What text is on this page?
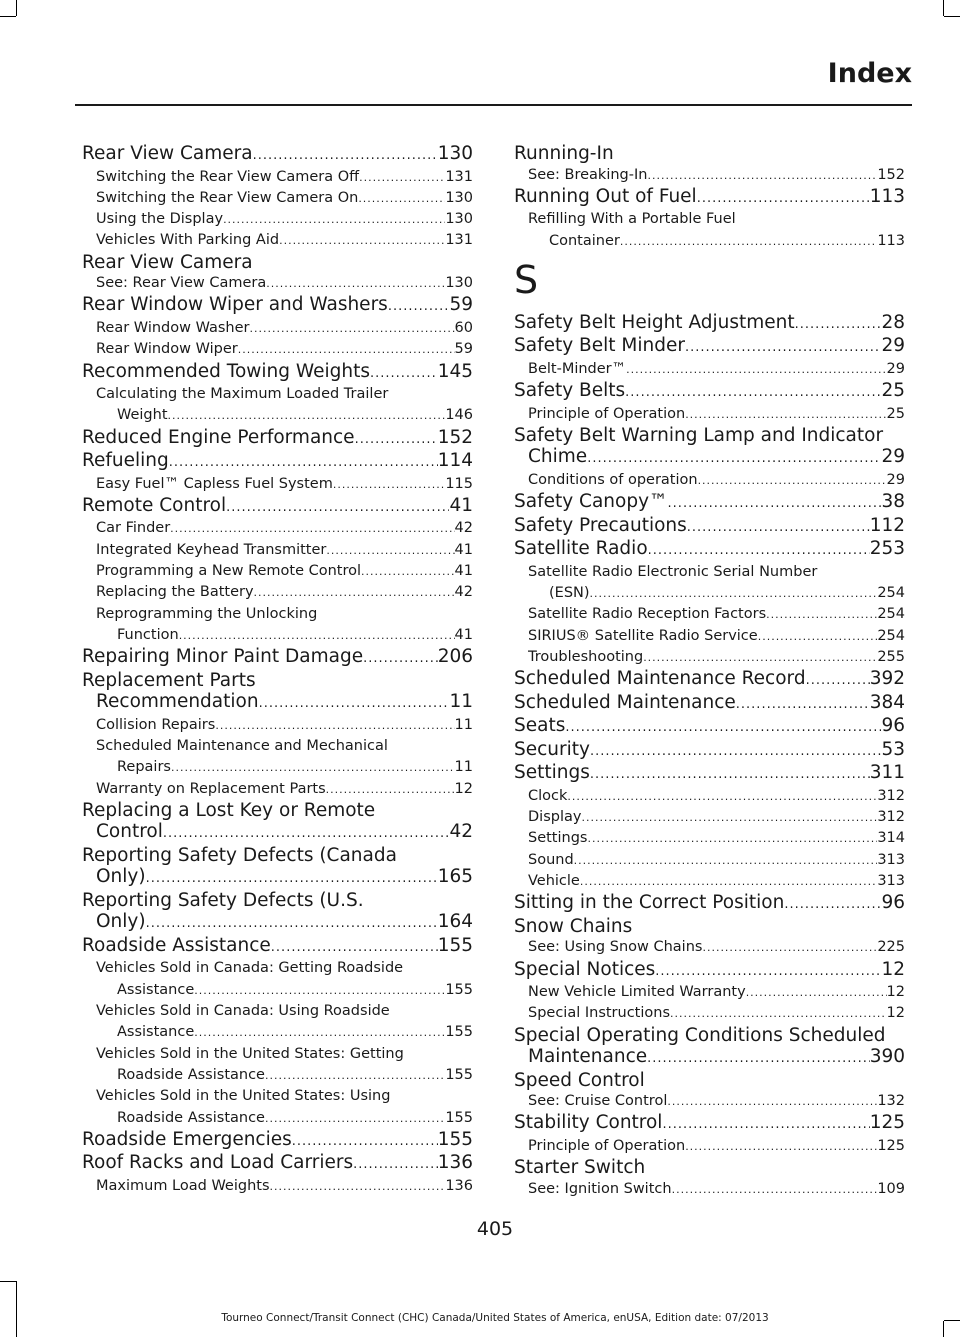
Index
Rear View Camera .....	130
Switching the Rear View Camera Off .....	131
Switching the Rear View Camera On .....	130
Using the Display .....	130
Vehicles With Parking Aid .....	131
Rear View Camera
See: Rear View Camera .....	130
Rear Window Wiper and Washers .....	59
Rear Window Washer .....	60
Rear Window Wiper .....	59
Recommended Towing Weights .....	145
Calculating the Maximum Loaded Trailer
Weight .....	146
Reduced Engine Performance .....	152
Refueling .....	114
Easy Fuel™ Capless Fuel System .....	115
Remote Control .....	41
Car Finder .....	42
Integrated Keyhead Transmitter .....	41
Programming a New Remote Control .....	41
Replacing the Battery .....	42
Reprogramming the Unlocking
Function .....	41
Repairing Minor Paint Damage .....	206
Replacement Parts
Recommendation .....	11
Collision Repairs .....	11
Scheduled Maintenance and Mechanical
Repairs .....	11
Warranty on Replacement Parts .....	12
Replacing a Lost Key or Remote
Control .....	42
Reporting Safety Defects (Canada
Only) .....	165
Reporting Safety Defects (U.S.
Only) .....	164
Roadside Assistance .....	155
Vehicles Sold in Canada: Getting Roadside
Assistance .....	155
Vehicles Sold in Canada: Using Roadside
Assistance .....	155
Vehicles Sold in the United States: Getting
Roadside Assistance .....	155
Vehicles Sold in the United States: Using
Roadside Assistance .....	155
Roadside Emergencies .....	155
Roof Racks and Load Carriers .....	136
Maximum Load Weights .....	136
Running-In
See: Breaking-In .....	152
Running Out of Fuel .....	113
Refilling With a Portable Fuel
Container .....	113
S
Safety Belt Height Adjustment .....	28
Safety Belt Minder .....	29
Belt-Minder™ .....	29
Safety Belts .....	25
Principle of Operation .....	25
Safety Belt Warning Lamp and Indicator
Chime .....	29
Conditions of operation .....	29
Safety Canopy™ .....	38
Safety Precautions .....	112
Satellite Radio .....	253
Satellite Radio Electronic Serial Number
(ESN) .....	254
Satellite Radio Reception Factors .....	254
SIRIUS® Satellite Radio Service .....	254
Troubleshooting .....	255
Scheduled Maintenance Record .....	392
Scheduled Maintenance .....	384
Seats .....	96
Security .....	53
Settings .....	311
Clock .....	312
Display .....	312
Settings .....	314
Sound .....	313
Vehicle .....	313
Sitting in the Correct Position .....	96
Snow Chains
See: Using Snow Chains .....	225
Special Notices .....	12
New Vehicle Limited Warranty .....	12
Special Instructions .....	12
Special Operating Conditions Scheduled
Maintenance .....	390
Speed Control
See: Cruise Control .....	132
Stability Control .....	125
Principle of Operation .....	125
Starter Switch
See: Ignition Switch .....	109
405
Tourneo Connect/Transit Connect (CHC) Canada/United States of America, enUSA, Edition date: 07/2013
